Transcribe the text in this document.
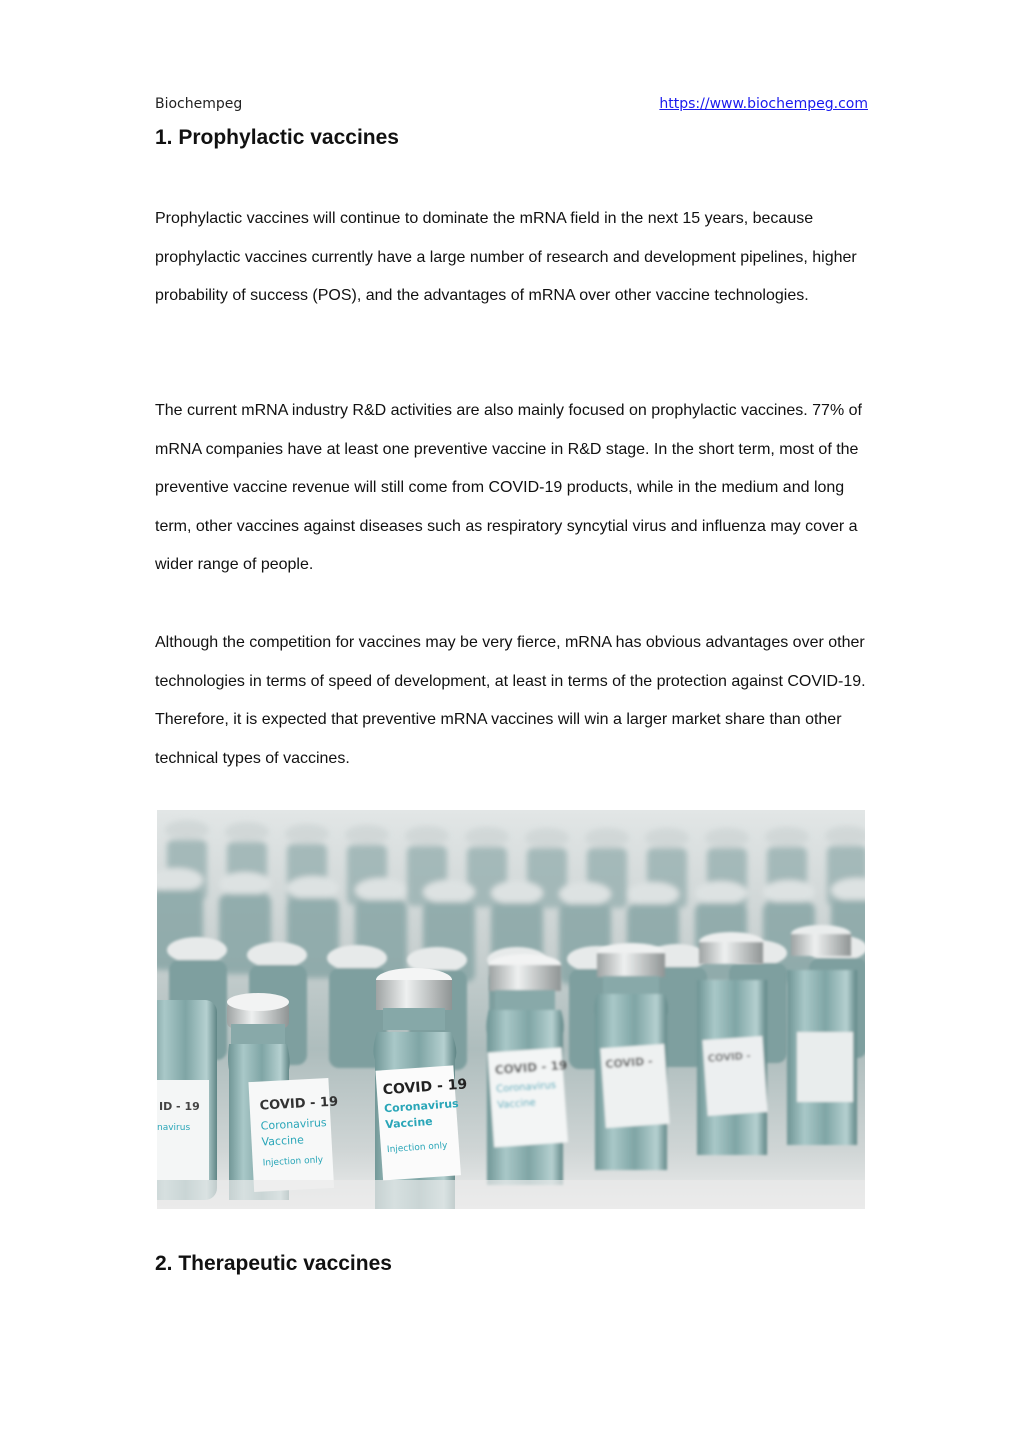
Biochempeg	https://www.biochempeg.com
1. Prophylactic vaccines

Prophylactic vaccines will continue to dominate the mRNA field in the next 15 years, because prophylactic vaccines currently have a large number of research and development pipelines, higher probability of success (POS), and the advantages of mRNA over other vaccine technologies.

The current mRNA industry R&D activities are also mainly focused on prophylactic vaccines. 77% of mRNA companies have at least one preventive vaccine in R&D stage. In the short term, most of the preventive vaccine revenue will still come from COVID-19 products, while in the medium and long term, other vaccines against diseases such as respiratory syncytial virus and influenza may cover a wider range of people.

Although the competition for vaccines may be very fierce, mRNA has obvious advantages over other technologies in terms of speed of development, at least in terms of the protection against COVID-19. Therefore, it is expected that preventive mRNA vaccines will win a larger market share than other technical types of vaccines.

ID - 19
navirus
COVID - 19
Coronavirus
Vaccine
Injection only
COVID - 19
Coronavirus
Vaccine
Injection only
COVID - 19
Coronavirus
Vaccine
COVID -	COVID -
2. Therapeutic vaccines
